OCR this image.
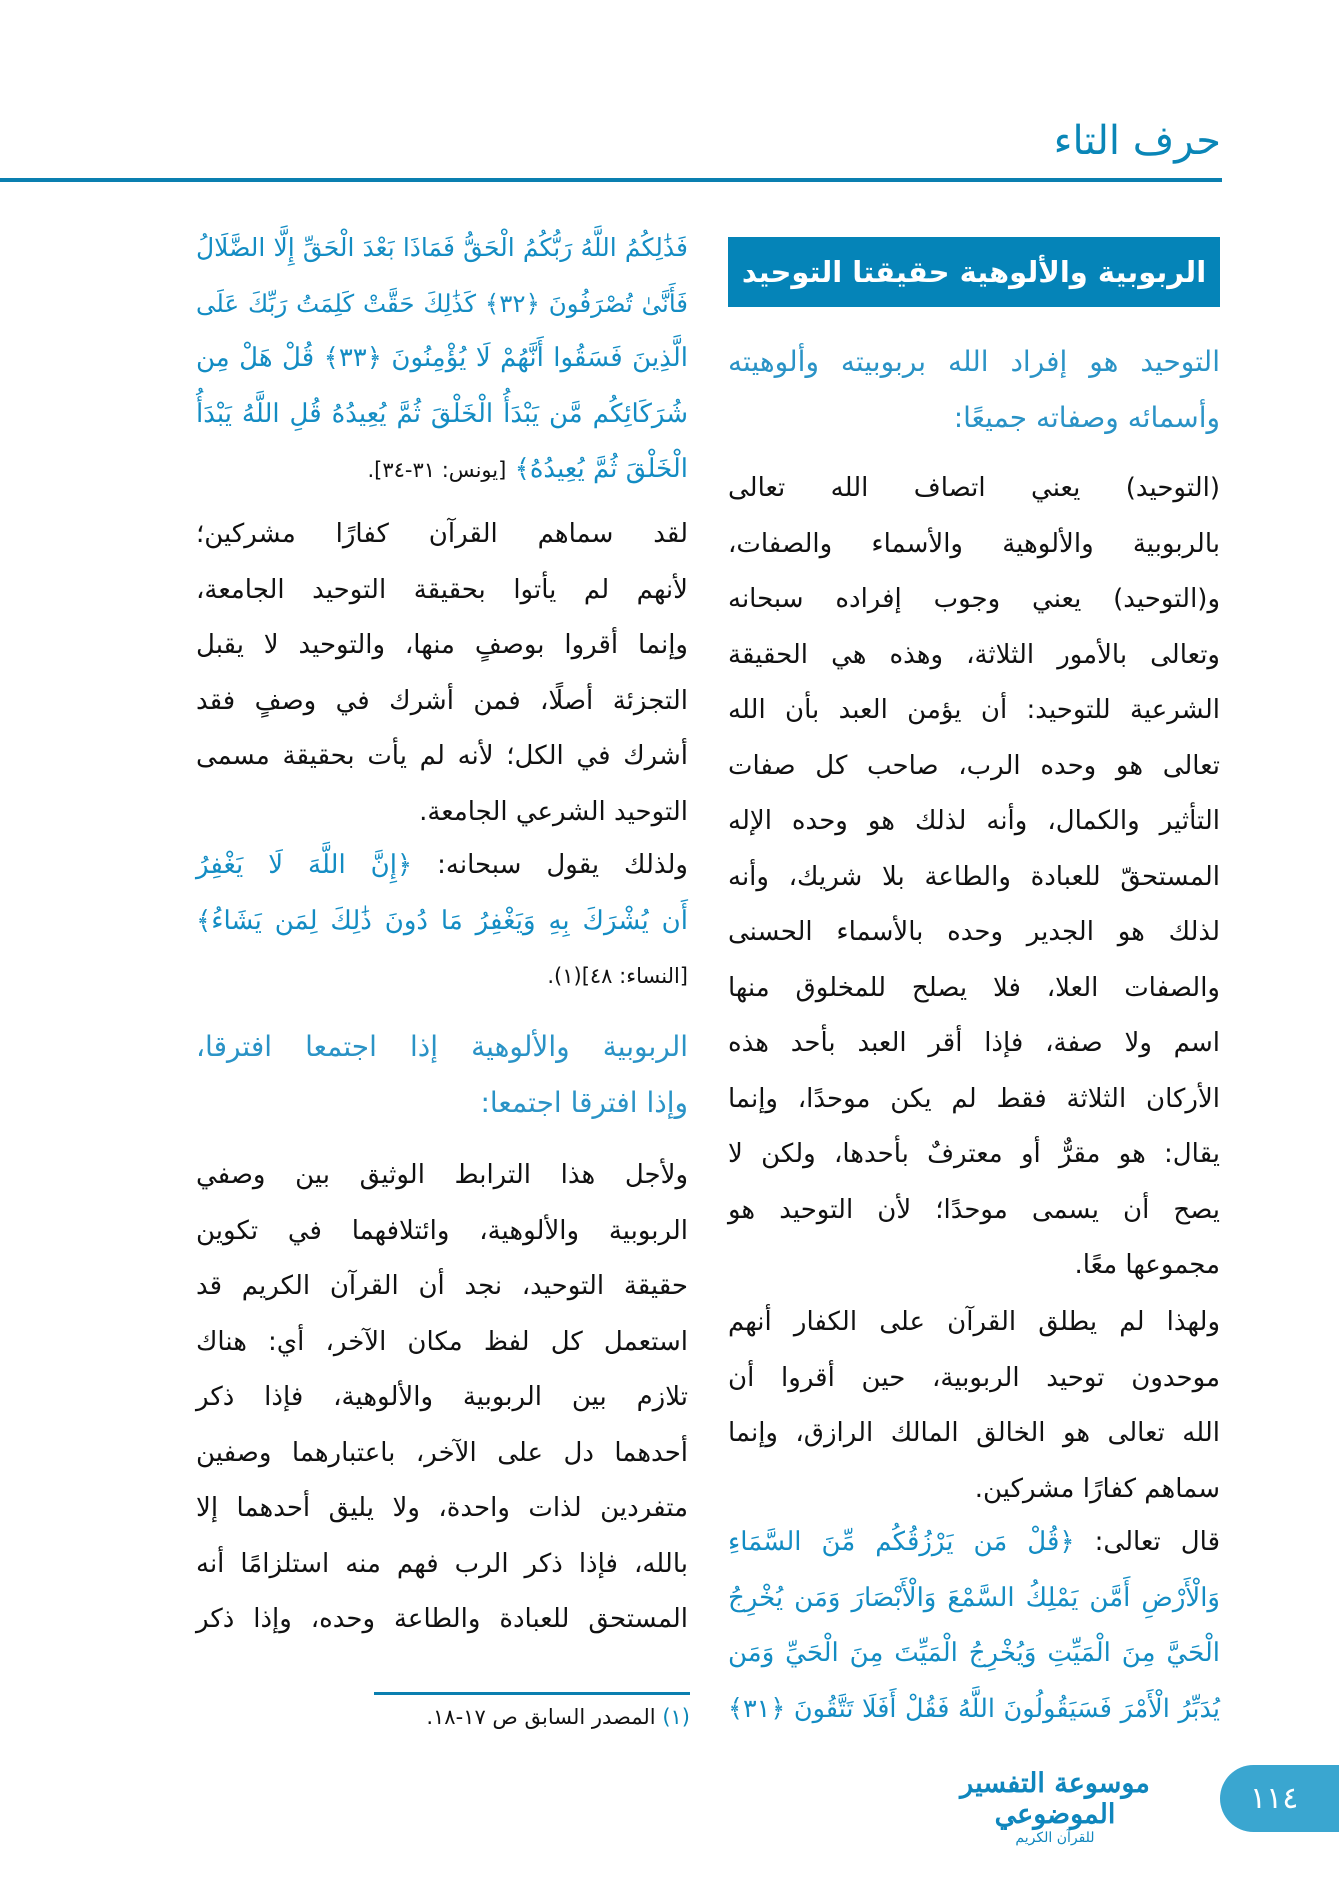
حرف التاء
الربوبية والألوهية حقيقتا التوحيد
التوحيد هو إفراد الله بربوبيته وألوهيته
وأسمائه وصفاته جميعًا:
(التوحيد) يعني اتصاف الله تعالى
بالربوبية والألوهية والأسماء والصفات،
و(التوحيد) يعني وجوب إفراده سبحانه
وتعالى بالأمور الثلاثة، وهذه هي الحقيقة
الشرعية للتوحيد: أن يؤمن العبد بأن الله
تعالى هو وحده الرب، صاحب كل صفات
التأثير والكمال، وأنه لذلك هو وحده الإله
المستحقّ للعبادة والطاعة بلا شريك، وأنه
لذلك هو الجدير وحده بالأسماء الحسنى
والصفات العلا، فلا يصلح للمخلوق منها
اسم ولا صفة، فإذا أقر العبد بأحد هذه
الأركان الثلاثة فقط لم يكن موحدًا، وإنما
يقال: هو مقرٌّ أو معترفٌ بأحدها، ولكن لا
يصح أن يسمى موحدًا؛ لأن التوحيد هو
مجموعها معًا.
ولهذا لم يطلق القرآن على الكفار أنهم
موحدون توحيد الربوبية، حين أقروا أن
الله تعالى هو الخالق المالك الرازق، وإنما
سماهم كفارًا مشركين.
قال تعالى: ﴿قُلْ مَن يَرْزُقُكُم مِّنَ السَّمَاءِ
وَالْأَرْضِ أَمَّن يَمْلِكُ السَّمْعَ وَالْأَبْصَارَ وَمَن يُخْرِجُ
الْحَيَّ مِنَ الْمَيِّتِ وَيُخْرِجُ الْمَيِّتَ مِنَ الْحَيِّ وَمَن
يُدَبِّرُ الْأَمْرَ فَسَيَقُولُونَ اللَّهُ فَقُلْ أَفَلَا تَتَّقُونَ ﴿٣١﴾
فَذَٰلِكُمُ اللَّهُ رَبُّكُمُ الْحَقُّ فَمَاذَا بَعْدَ الْحَقِّ إِلَّا الضَّلَالُ
فَأَنَّىٰ تُصْرَفُونَ ﴿٣٢﴾ كَذَٰلِكَ حَقَّتْ كَلِمَتُ رَبِّكَ عَلَى
الَّذِينَ فَسَقُوا أَنَّهُمْ لَا يُؤْمِنُونَ ﴿٣٣﴾ قُلْ هَلْ مِن
شُرَكَائِكُم مَّن يَبْدَأُ الْخَلْقَ ثُمَّ يُعِيدُهُ قُلِ اللَّهُ يَبْدَأُ
الْخَلْقَ ثُمَّ يُعِيدُهُ﴾ [يونس: ٣١-٣٤].
لقد سماهم القرآن كفارًا مشركين؛
لأنهم لم يأتوا بحقيقة التوحيد الجامعة،
وإنما أقروا بوصفٍ منها، والتوحيد لا يقبل
التجزئة أصلًا، فمن أشرك في وصفٍ فقد
أشرك في الكل؛ لأنه لم يأت بحقيقة مسمى
التوحيد الشرعي الجامعة.
ولذلك يقول سبحانه: ﴿إِنَّ اللَّهَ لَا يَغْفِرُ
أَن يُشْرَكَ بِهِ وَيَغْفِرُ مَا دُونَ ذَٰلِكَ لِمَن يَشَاءُ﴾
[النساء: ٤٨](١).
الربوبية والألوهية إذا اجتمعا افترقا،
وإذا افترقا اجتمعا:
ولأجل هذا الترابط الوثيق بين وصفي
الربوبية والألوهية، وائتلافهما في تكوين
حقيقة التوحيد، نجد أن القرآن الكريم قد
استعمل كل لفظ مكان الآخر، أي: هناك
تلازم بين الربوبية والألوهية، فإذا ذكر
أحدهما دل على الآخر، باعتبارهما وصفين
متفردين لذات واحدة، ولا يليق أحدهما إلا
بالله، فإذا ذكر الرب فهم منه استلزامًا أنه
المستحق للعبادة والطاعة وحده، وإذا ذكر
(١) المصدر السابق ص ١٧-١٨.
موسوعة التفسير الموضوعي
للقرآن الكريم
١١٤
